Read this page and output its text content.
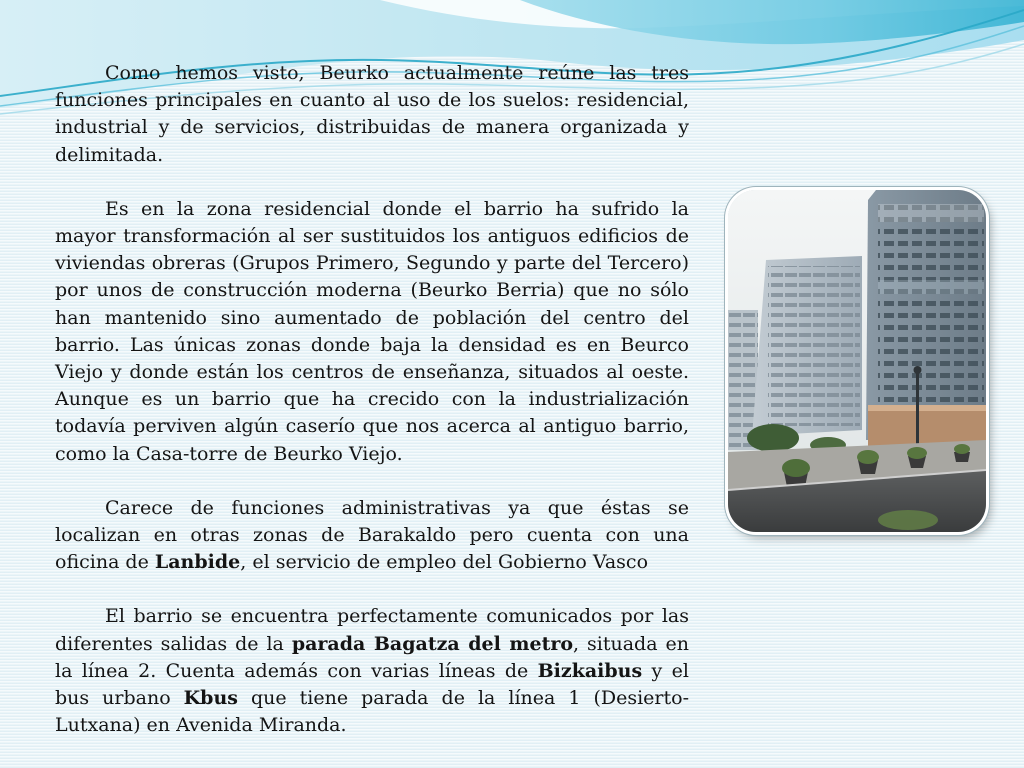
Como hemos visto, Beurko actualmente reúne las tres funciones principales en cuanto al uso de los suelos: residencial, industrial y de servicios, distribuidas de manera organizada y delimitada.

Es en la zona residencial donde el barrio ha sufrido la mayor transformación al ser sustituidos los antiguos edificios de viviendas obreras (Grupos Primero, Segundo y parte del Tercero) por unos de construcción moderna (Beurko Berria) que no sólo han mantenido sino aumentado de población del centro del barrio. Las únicas zonas donde baja la densidad es en Beurco Viejo y donde están los centros de enseñanza, situados al oeste. Aunque es un barrio que ha crecido con la industrialización todavía perviven algún caserío que nos acerca al antiguo barrio, como la Casa-torre de Beurko Viejo.

Carece de funciones administrativas ya que éstas se localizan en otras zonas de Barakaldo pero cuenta con una oficina de Lanbide, el servicio de empleo del Gobierno Vasco

El barrio se encuentra perfectamente comunicados por las diferentes salidas de la parada Bagatza del metro, situada en la línea 2. Cuenta además con varias líneas de Bizkaibus y el bus urbano Kbus que tiene parada de la línea 1 (Desierto-Lutxana) en Avenida Miranda.
